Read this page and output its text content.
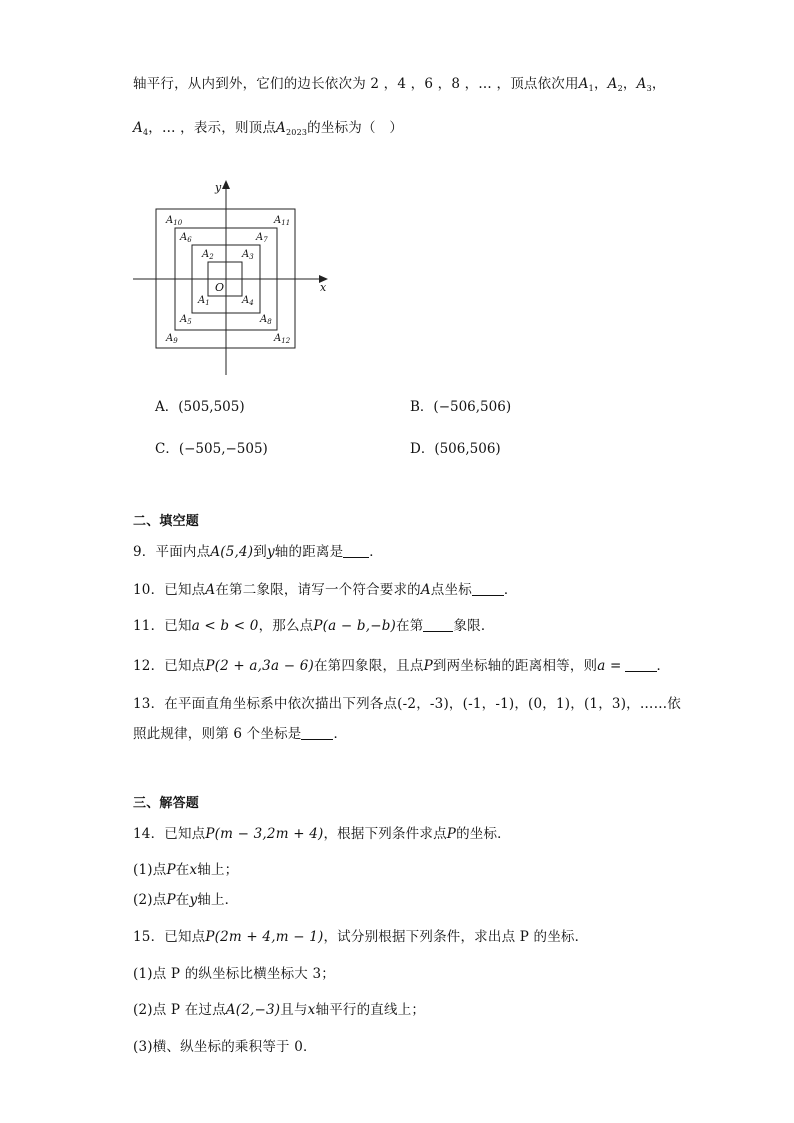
轴平行，从内到外，它们的边长依次为 2 ，4 ，6 ，8 ，… ，顶点依次用$A_1$，$A_2$，$A_3$，
$A_4$，… ，表示，则顶点$A_{2023}$的坐标为（　）
x
y
O
$A_1$
$A_2$	$A_3$
$A_4$
$A_5$
$A_6$	$A_7$
$A_8$
$A_9$
$A_{10}$	$A_{11}$
$A_{12}$
A．(505,505)	B．(−506,506)
C．(−505,−505)	D．(506,506)
二、填空题
9．平面内点A(5,4)到y轴的距离是 ．
10．已知点A在第二象限，请写一个符合要求的A点坐标 ．
11．已知a < b < 0，那么点P(a − b,−b)在第 象限．
12．已知点P(2 + a,3a − 6)在第四象限，且点P到两坐标轴的距离相等，则a =	．
13．在平面直角坐标系中依次描出下列各点(-2，-3)，(-1，-1)，(0，1)，(1，3)，……依
照此规律，则第 6 个坐标是 ．
三、解答题
14．已知点P(m − 3,2m + 4)，根据下列条件求点P的坐标．
(1)点P在x轴上；
(2)点P在y轴上．
15．已知点P(2m + 4,m − 1)，试分别根据下列条件，求出点 P 的坐标．
(1)点 P 的纵坐标比横坐标大 3；
(2)点 P 在过点A(2,−3)且与x轴平行的直线上；
(3)横、纵坐标的乘积等于 0．
